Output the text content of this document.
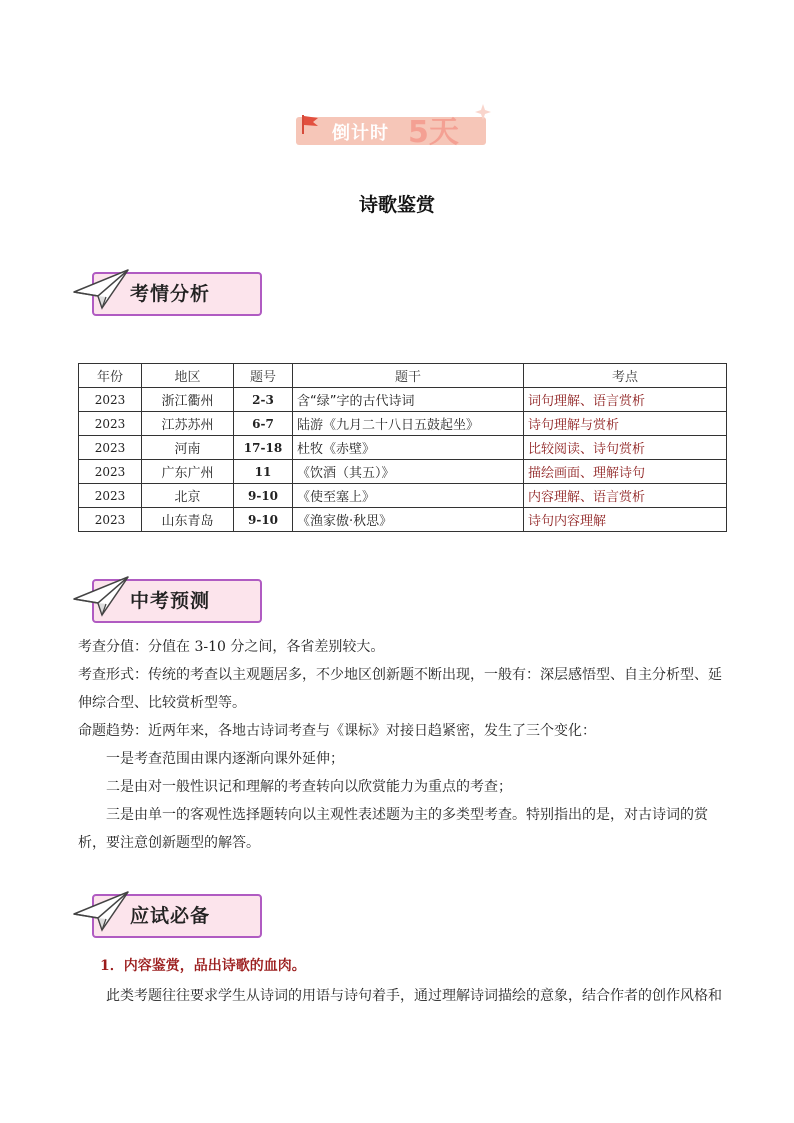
倒计时 5天
诗歌鉴赏
考情分析
年份	地区	题号	题干	考点
2023	浙江衢州	2-3	含“绿”字的古代诗词	词句理解、语言赏析
2023	江苏苏州	6-7	陆游《九月二十八日五鼓起坐》	诗句理解与赏析
2023	河南	17-18	杜牧《赤壁》	比较阅读、诗句赏析
2023	广东广州	11	《饮酒（其五）》	描绘画面、理解诗句
2023	北京	9-10	《使至塞上》	内容理解、语言赏析
2023	山东青岛	9-10	《渔家傲·秋思》	诗句内容理解
中考预测
考查分值：分值在 3-10 分之间，各省差别较大。
考查形式：传统的考查以主观题居多，不少地区创新题不断出现，一般有：深层感悟型、自主分析型、延伸综合型、比较赏析型等。
命题趋势：近两年来，各地古诗词考查与《课标》对接日趋紧密，发生了三个变化：
一是考查范围由课内逐渐向课外延伸；
二是由对一般性识记和理解的考查转向以欣赏能力为重点的考查；
三是由单一的客观性选择题转向以主观性表述题为主的多类型考查。特别指出的是，对古诗词的赏析，要注意创新题型的解答。
应试必备
1．内容鉴赏，品出诗歌的血肉。
此类考题往往要求学生从诗词的用语与诗句着手，通过理解诗词描绘的意象，结合作者的创作风格和
